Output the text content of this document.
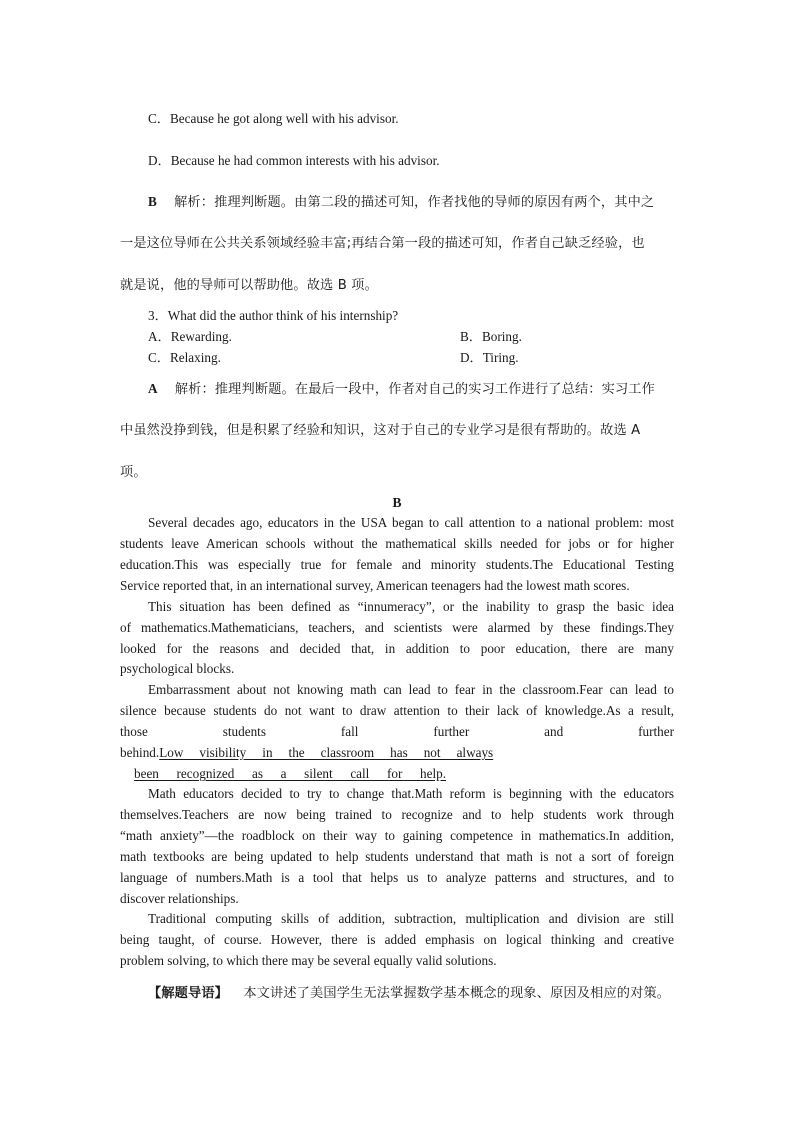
C．Because he got along well with his advisor.
D．Because he had common interests with his advisor.
B 解析：推理判断题。由第二段的描述可知，作者找他的导师的原因有两个，其中之
一是这位导师在公共关系领域经验丰富;再结合第一段的描述可知，作者自己缺乏经验，也
就是说，他的导师可以帮助他。故选 B 项。
3．What did the author think of his internship?
A．Rewarding.	B．Boring.
C．Relaxing.	D．Tiring.
A 解析：推理判断题。在最后一段中，作者对自己的实习工作进行了总结：实习工作
中虽然没挣到钱，但是积累了经验和知识，这对于自己的专业学习是很有帮助的。故选 A
项。
B
Several decades ago, educators in the USA began to call attention to a national problem: most
students leave American schools without the mathematical skills needed for jobs or for higher
education.This was especially true for female and minority students.The Educational Testing
Service reported that, in an international survey, American teenagers had the lowest math scores.
This situation has been defined as “innumeracy”, or the inability to grasp the basic idea
of mathematics.Mathematicians, teachers, and scientists were alarmed by these findings.They
looked for the reasons and decided that, in addition to poor education, there are many
psychological blocks.
Embarrassment about not knowing math can lead to fear in the classroom.Fear can lead to
silence because students do not want to draw attention to their lack of knowledge.As a result,
those students fall further and further
behind.Low visibility in the classroom has not always
been recognized as a silent call for help.
Math educators decided to try to change that.Math reform is beginning with the educators
themselves.Teachers are now being trained to recognize and to help students work through
“math anxiety”—the roadblock on their way to gaining competence in mathematics.In addition,
math textbooks are being updated to help students understand that math is not a sort of foreign
language of numbers.Math is a tool that helps us to analyze patterns and structures, and to
discover relationships.
Traditional computing skills of addition, subtraction, multiplication and division are still
being taught, of course. However, there is added emphasis on logical thinking and creative
problem solving, to which there may be several equally valid solutions.
【解题导语】 本文讲述了美国学生无法掌握数学基本概念的现象、原因及相应的对策。
